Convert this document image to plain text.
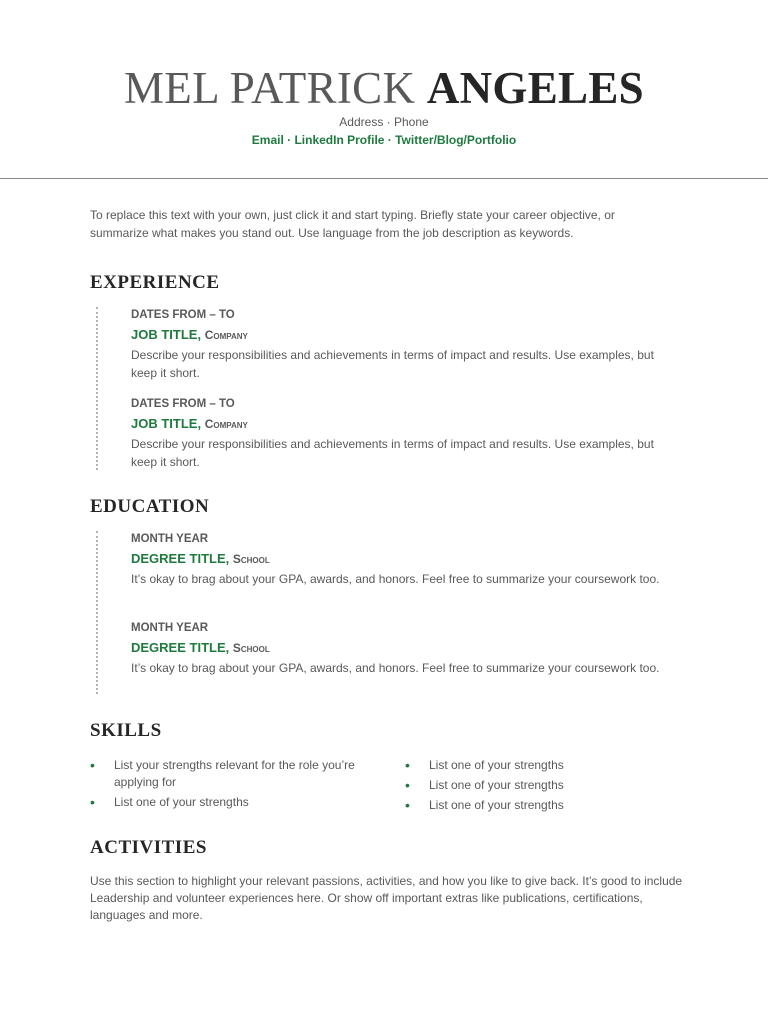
MEL PATRICK ANGELES
Address · Phone
Email · LinkedIn Profile · Twitter/Blog/Portfolio
To replace this text with your own, just click it and start typing. Briefly state your career objective, or summarize what makes you stand out. Use language from the job description as keywords.
EXPERIENCE
DATES FROM – TO
JOB TITLE, Company
Describe your responsibilities and achievements in terms of impact and results. Use examples, but keep it short.
DATES FROM – TO
JOB TITLE, Company
Describe your responsibilities and achievements in terms of impact and results. Use examples, but keep it short.
EDUCATION
MONTH YEAR
DEGREE TITLE, School
It’s okay to brag about your GPA, awards, and honors. Feel free to summarize your coursework too.
MONTH YEAR
DEGREE TITLE, School
It’s okay to brag about your GPA, awards, and honors. Feel free to summarize your coursework too.
SKILLS
• List your strengths relevant for the role you’re applying for
• List one of your strengths
• List one of your strengths
• List one of your strengths
• List one of your strengths
ACTIVITIES
Use this section to highlight your relevant passions, activities, and how you like to give back. It’s good to include Leadership and volunteer experiences here. Or show off important extras like publications, certifications, languages and more.
